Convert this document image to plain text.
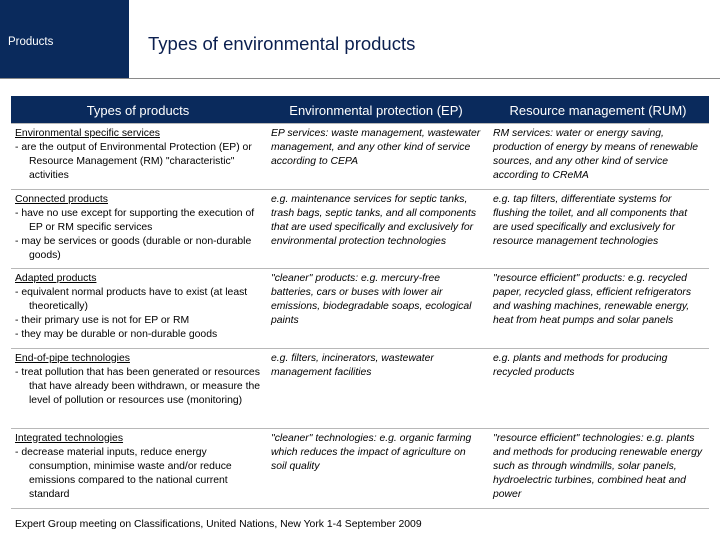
Products	Types of environmental products
Types of products	Environmental protection (EP)	Resource management (RUM)

Environmental specific services
- are the output of Environmental Protection (EP) or Resource Management (RM) "characteristic" activities	EP services: waste management, wastewater management, and any other kind of service according to CEPA	RM services: water or energy saving, production of energy by means of renewable sources, and any other kind of service according to CReMA

Connected products
- have no use except for supporting the execution of EP or RM specific services
- may be services or goods (durable or non-durable goods)	e.g. maintenance services for septic tanks, trash bags, septic tanks, and all components that are used specifically and exclusively for environmental protection technologies	e.g. tap filters, differentiate systems for flushing the toilet, and all components that are used specifically and exclusively for resource management technologies

Adapted products
- equivalent normal products have to exist (at least theoretically)
- their primary use is not for EP or RM
- they may be durable or non-durable goods	"cleaner" products: e.g. mercury-free batteries, cars or buses with lower air emissions, biodegradable soaps, ecological paints	"resource efficient" products: e.g. recycled paper, recycled glass, efficient refrigerators and washing machines, renewable energy, heat from heat pumps and solar panels

End-of-pipe technologies
- treat pollution that has been generated or resources that have already been withdrawn, or measure the level of pollution or resources use (monitoring)	e.g. filters, incinerators, wastewater management facilities	e.g. plants and methods for producing recycled products

Integrated technologies
- decrease material inputs, reduce energy consumption, minimise waste and/or reduce emissions compared to the national current standard	"cleaner" technologies: e.g. organic farming which reduces the impact of agriculture on soil quality	"resource efficient" technologies: e.g. plants and methods for producing renewable energy such as through windmills, solar panels, hydroelectric turbines, combined heat and power
Expert Group meeting on Classifications, United Nations, New York 1-4 September 2009
